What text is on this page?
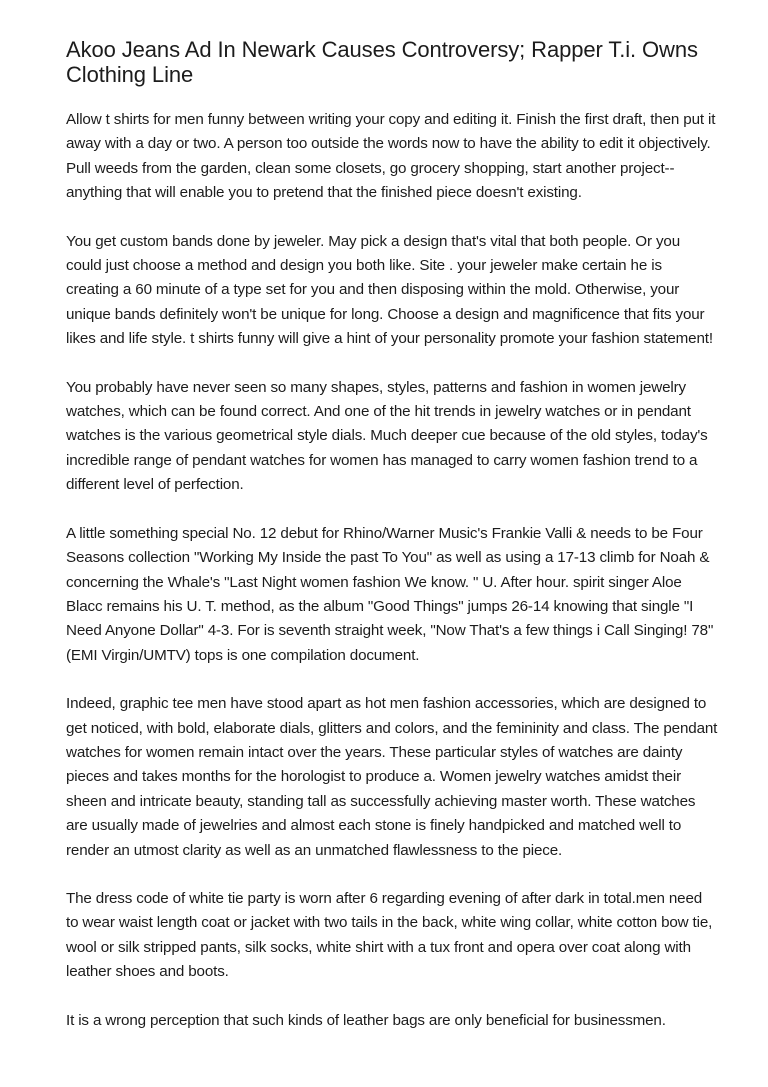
Akoo Jeans Ad In Newark Causes Controversy; Rapper T.i. Owns Clothing Line

Allow t shirts for men funny between writing your copy and editing it. Finish the first draft, then put it away with a day or two. A person too outside the words now to have the ability to edit it objectively. Pull weeds from the garden, clean some closets, go grocery shopping, start another project--anything that will enable you to pretend that the finished piece doesn't existing.

You get custom bands done by jeweler. May pick a design that's vital that both people. Or you could just choose a method and design you both like. Site . your jeweler make certain he is creating a 60 minute of a type set for you and then disposing within the mold. Otherwise, your unique bands definitely won't be unique for long. Choose a design and magnificence that fits your likes and life style. t shirts funny will give a hint of your personality promote your fashion statement!

You probably have never seen so many shapes, styles, patterns and fashion in women jewelry watches, which can be found correct. And one of the hit trends in jewelry watches or in pendant watches is the various geometrical style dials. Much deeper cue because of the old styles, today's incredible range of pendant watches for women has managed to carry women fashion trend to a different level of perfection.

A little something special No. 12 debut for Rhino/Warner Music's Frankie Valli & needs to be Four Seasons collection "Working My Inside the past To You" as well as using a 17-13 climb for Noah & concerning the Whale's "Last Night women fashion We know. " U. After hour. spirit singer Aloe Blacc remains his U. T. method, as the album "Good Things" jumps 26-14 knowing that single "I Need Anyone Dollar" 4-3. For is seventh straight week, "Now That's a few things i Call Singing! 78" (EMI Virgin/UMTV) tops is one compilation document.

Indeed, graphic tee men have stood apart as hot men fashion accessories, which are designed to get noticed, with bold, elaborate dials, glitters and colors, and the femininity and class. The pendant watches for women remain intact over the years. These particular styles of watches are dainty pieces and takes months for the horologist to produce a. Women jewelry watches amidst their sheen and intricate beauty, standing tall as successfully achieving master worth. These watches are usually made of jewelries and almost each stone is finely handpicked and matched well to render an utmost clarity as well as an unmatched flawlessness to the piece.

The dress code of white tie party is worn after 6 regarding evening of after dark in total.men need to wear waist length coat or jacket with two tails in the back, white wing collar, white cotton bow tie, wool or silk stripped pants, silk socks, white shirt with a tux front and opera over coat along with leather shoes and boots.

It is a wrong perception that such kinds of leather bags are only beneficial for businessmen.
